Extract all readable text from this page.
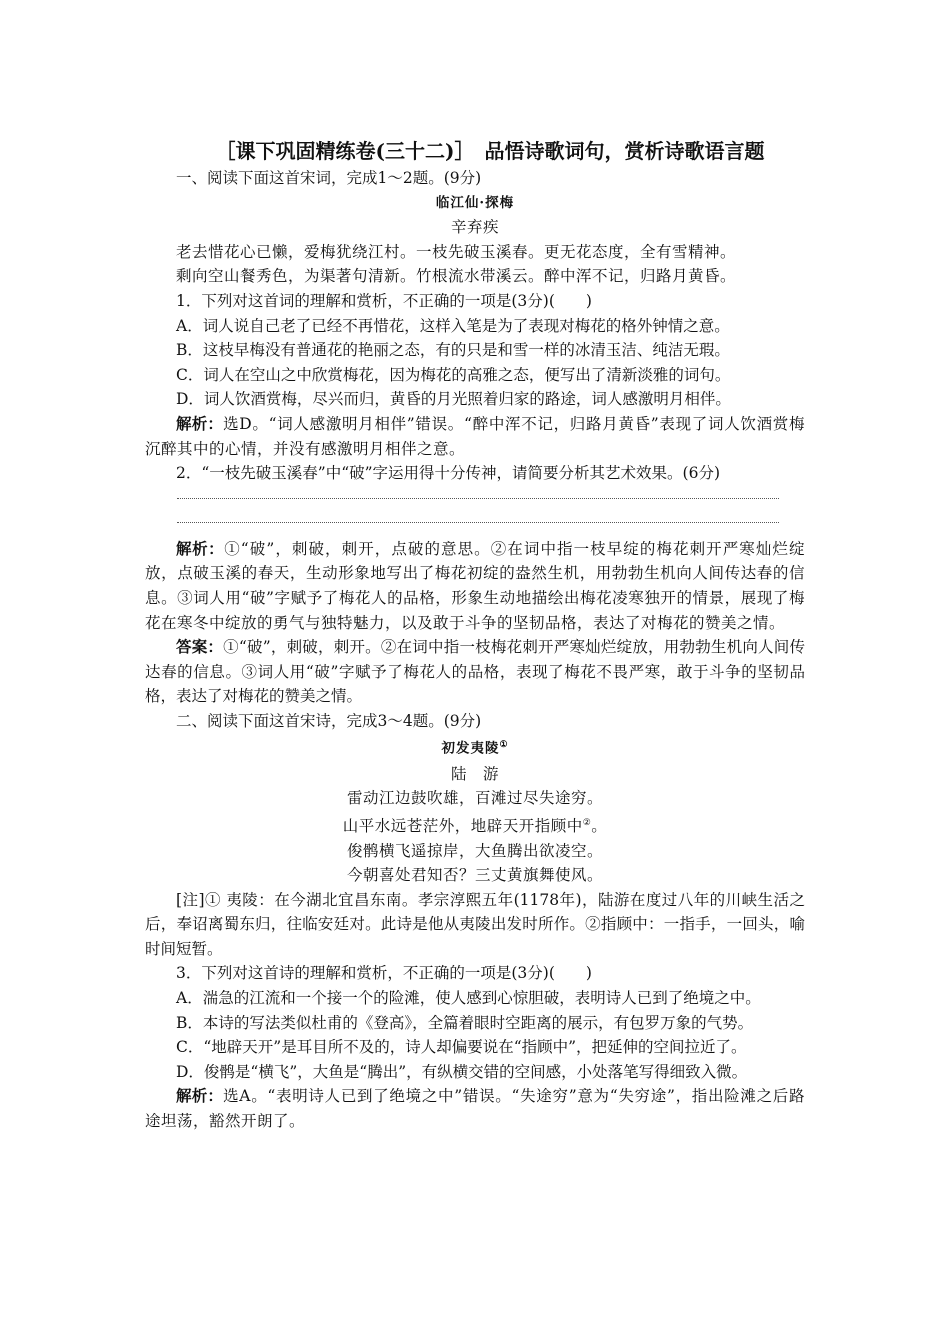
［课下巩固精练卷(三十二)］　品悟诗歌词句，赏析诗歌语言题
一、阅读下面这首宋词，完成1～2题。(9分)
临江仙·探梅
辛弃疾
老去惜花心已懒，爱梅犹绕江村。一枝先破玉溪春。更无花态度，全有雪精神。
剩向空山餐秀色，为渠著句清新。竹根流水带溪云。醉中浑不记，归路月黄昏。
1．下列对这首词的理解和赏析，不正确的一项是(3分)(　　)
A．词人说自己老了已经不再惜花，这样入笔是为了表现对梅花的格外钟情之意。
B．这枝早梅没有普通花的艳丽之态，有的只是和雪一样的冰清玉洁、纯洁无瑕。
C．词人在空山之中欣赏梅花，因为梅花的高雅之态，便写出了清新淡雅的词句。
D．词人饮酒赏梅，尽兴而归，黄昏的月光照着归家的路途，词人感激明月相伴。
解析：选D。“词人感激明月相伴”错误。“醉中浑不记，归路月黄昏”表现了词人饮酒赏梅沉醉其中的心情，并没有感激明月相伴之意。
2．“一枝先破玉溪春”中“破”字运用得十分传神，请简要分析其艺术效果。(6分)
解析：①“破”，刺破，刺开，点破的意思。②在词中指一枝早绽的梅花刺开严寒灿烂绽放，点破玉溪的春天，生动形象地写出了梅花初绽的盎然生机，用勃勃生机向人间传达春的信息。③词人用“破”字赋予了梅花人的品格，形象生动地描绘出梅花凌寒独开的情景，展现了梅花在寒冬中绽放的勇气与独特魅力，以及敢于斗争的坚韧品格，表达了对梅花的赞美之情。
答案：①“破”，刺破，刺开。②在词中指一枝梅花刺开严寒灿烂绽放，用勃勃生机向人间传达春的信息。③词人用“破”字赋予了梅花人的品格，表现了梅花不畏严寒，敢于斗争的坚韧品格，表达了对梅花的赞美之情。
二、阅读下面这首宋诗，完成3～4题。(9分)
初发夷陵①
陆　游
雷动江边鼓吹雄，百滩过尽失途穷。
山平水远苍茫外，地辟天开指顾中②。
俊鹘横飞遥掠岸，大鱼腾出欲凌空。
今朝喜处君知否？三丈黄旗舞使风。
[注]① 夷陵：在今湖北宜昌东南。孝宗淳熙五年(1178年)，陆游在度过八年的川峡生活之后，奉诏离蜀东归，往临安廷对。此诗是他从夷陵出发时所作。②指顾中：一指手，一回头，喻时间短暂。
3．下列对这首诗的理解和赏析，不正确的一项是(3分)(　　)
A．湍急的江流和一个接一个的险滩，使人感到心惊胆破，表明诗人已到了绝境之中。
B．本诗的写法类似杜甫的《登高》，全篇着眼时空距离的展示，有包罗万象的气势。
C．“地辟天开”是耳目所不及的，诗人却偏要说在“指顾中”，把延伸的空间拉近了。
D．俊鹘是“横飞”，大鱼是“腾出”，有纵横交错的空间感，小处落笔写得细致入微。
解析：选A。“表明诗人已到了绝境之中”错误。“失途穷”意为“失穷途”，指出险滩之后路途坦荡，豁然开朗了。
